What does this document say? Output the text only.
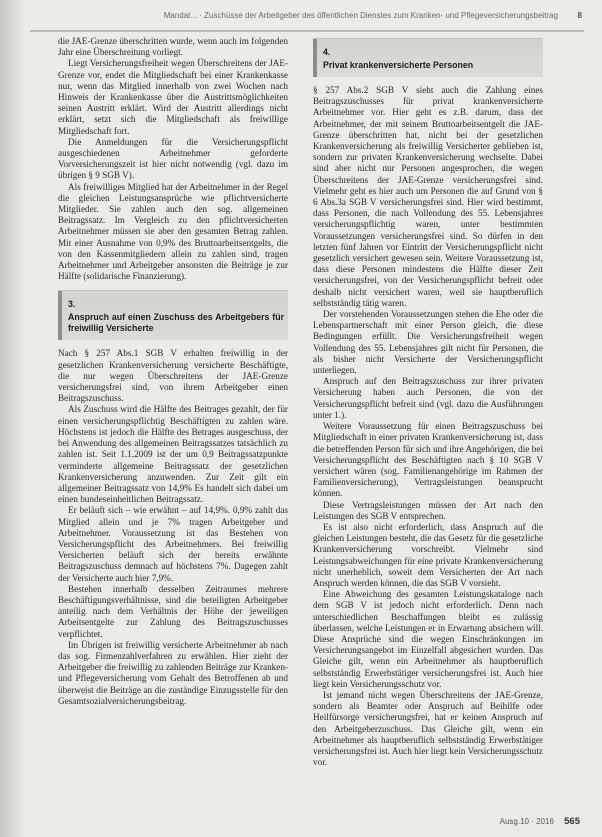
Mandat... · Zuschüsse der Arbeitgeber des öffentlichen Dienstes zum Kranken- und Pflegeversicherungsbeitrag 8

die JAE-Grenze überschritten wurde, wenn auch im folgenden Jahr eine Überschreitung vorliegt.

Liegt Versicherungsfreiheit wegen Überschreitens der JAE-Grenze vor, endet die Mitgliedschaft bei einer Krankenkasse nur, wenn das Mitglied innerhalb von zwei Wochen nach Hinweis der Krankenkasse über die Austrittsmöglichkeiten seinen Austritt erklärt. Wird der Austritt allerdings nicht erklärt, setzt sich die Mitgliedschaft als freiwillige Mitgliedschaft fort.

Die Anmeldungen für die Versicherungspflicht ausgeschiedenen Arbeitnehmer geforderte Vorversicherungszeit ist hier nicht notwendig (vgl. dazu im übrigen § 9 SGB V).

Als freiwilliges Mitglied hat der Arbeitnehmer in der Regel die gleichen Leistungsansprüche wie pflichtversicherte Mitglieder. Sie zahlen auch den sog. allgemeinen Beitragssatz. Im Vergleich zu den pflichtversicherten Arbeitnehmer müssen sie aber den gesamten Betrag zahlen. Mit einer Ausnahme von 0,9% des Bruttoarbeitsentgelts, die von den Kassenmitgliedern allein zu zahlen sind, tragen Arbeitnehmer und Arbeitgeber ansonsten die Beiträge je zur Hälfte (solidarische Finanzierung).

3.
Anspruch auf einen Zuschuss des Arbeitgebers für freiwillig Versicherte

Nach § 257 Abs.1 SGB V erhalten freiwillig in der gesetzlichen Krankenversicherung versicherte Beschäftigte, die nur wegen Überschreitens der JAE-Grenze versicherungsfrei sind, von ihrem Arbeitgeber einen Beitragszuschuss.

Als Zuschuss wird die Hälfte des Beitrages gezahlt, der für einen versicherungspflichtig Beschäftigten zu zahlen wäre. Höchstens ist jedoch die Hälfte des Betrages ausgeschuss, der bei Anwendung des allgemeinen Beitragssatzes tatsächlich zu zahlen ist. Seit 1.1.2009 ist der um 0,9 Beitragssatzpunkte verminderte allgemeine Beitragssatz der gesetzlichen Krankenversicherung anzuwenden. Zur Zeit gilt ein allgemeiner Beitragssatz von 14,9% Es handelt sich dabei um einen bundeseinheitlichen Beitragssatz.

Er beläuft sich – wie erwähnt – auf 14,9%. 0,9% zahlt das Mitglied allein und je 7% tragen Arbeitgeber und Arbeitnehmer. Voraussetzung ist das Bestehen von Versicherungspflicht des Arbeitnehmers. Bei freiwillig Versicherten beläuft sich der bereits erwähnte Beitragszuschuss demnach auf höchstens 7%. Dagegen zahlt der Versicherte auch hier 7,9%.

Bestehen innerhalb desselben Zeitraumes mehrere Beschäftigungsverhältnisse, sind die beteiligten Arbeitgeber anteilig nach dem Verhältnis der Höhe der jeweiligen Arbeitsentgelte zur Zahlung des Beitragszuschusses verpflichtet.

Im Übrigen ist freiwillig versicherte Arbeitnehmer ab nach das sog. Firmenzahlverfahren zu erwählen. Hier zieht der Arbeitgeber die freiwillig zu zahlenden Beiträge zur Kranken- und Pflegeversicherung vom Gehalt des Betroffenen ab und überweist die Beiträge an die zuständige Einzugsstelle für den Gesamtsozialversicherungsbeitrag.

4.
Privat krankenversicherte Personen

§ 257 Abs.2 SGB V sieht auch die Zahlung eines Beitragszuschusses für privat krankenversicherte Arbeitnehmer vor. Hier geht es z.B. darum, dass der Arbeitnehmer, der mit seinem Bruttoarbeitsentgelt die JAE-Grenze überschritten hat, nicht bei der gesetzlichen Krankenversicherung als freiwillig Versicherter geblieben ist, sondern zur privaten Krankenversicherung wechselte. Dabei sind aber nicht nur Personen angesprochen, die wegen Überschreitens der JAE-Grenze versicherungsfrei sind. Vielmehr geht es hier auch um Personen die auf Grund von § 6 Abs.3a SGB V versicherungsfrei sind. Hier wird bestimmt, dass Personen, die nach Vollendung des 55. Lebensjahres versicherungspflichtig waren, unter bestimmten Voraussetzungen versicherungsfrei sind. So dürfen in den letzten fünf Jahren vor Eintritt der Versicherungspflicht nicht gesetzlich versichert gewesen sein. Weitere Voraussetzung ist, dass diese Personen mindestens die Hälfte dieser Zeit versicherungsfrei, von der Versicherungspflicht befreit oder deshalb nicht versichert waren, weil sie hauptberuflich selbstständig tätig waren.

Der vorstehenden Voraussetzungen stehen die Ehe oder die Lebenspartnerschaft mit einer Person gleich, die diese Bedingungen erfüllt. Die Versicherungsfreiheit wegen Vollendung des 55. Lebensjahres gilt nicht für Personen, die als bisher nicht Versicherte der Versicherungspflicht unterliegen.

Anspruch auf den Beitragszuschuss zur ihrer privaten Versicherung haben auch Personen, die von der Versicherungspflicht befreit sind (vgl. dazu die Ausführungen unter 1.).

Weitere Voraussetzung für einen Beitragszuschuss bei Mitgliedschaft in einer privaten Krankenversicherung ist, dass die betreffenden Person für sich und ihre Angehörigen, die bei Versicherungspflicht des Beschäftigten nach § 10 SGB V versichert wären (sog. Familienangehörige im Rahmen der Familienversicherung), Vertragsleistungen beansprucht können.

Diese Vertragsleistungen müssen der Art nach den Leistungen des SGB V entsprechen.

Es ist also nicht erforderlich, dass Anspruch auf die gleichen Leistungen besteht, die das Gesetz für die gesetzliche Krankenversicherung vorschreibt. Vielmehr sind Leistungsabweichungen für eine private Krankenversicherung nicht unerheblich, soweit dem Versicherten der Art nach Anspruch werden können, die das SGB V vorsieht.

Eine Abweichung des gesamten Leistungskataloge nach dem SGB V ist jedoch nicht erforderlich. Denn nach unterschiedlichen Beschaffungen bleibt es zulässig überlassen, welche Leistungen er in Erwartung absichern will. Diese Ansprüche sind die wegen Einschränkungen im Versicherungsangebot im Einzelfall abgesichert wurden. Das Gleiche gilt, wenn ein Arbeitnehmer als hauptberuflich selbstständig Erwerbstätiger versicherungsfrei ist. Auch hier liegt kein Versicherungsschutz vor.

Ist jemand nicht wegen Überschreitens der JAE-Grenze, sondern als Beamter oder Anspruch auf Beihilfe oder Heilfürsorge versicherungsfrei, hat er keinen Anspruch auf den Arbeitgeberzuschuss. Das Gleiche gilt, wenn ein Arbeitnehmer als hauptberuflich selbstständig Erwerbstätiger versicherungsfrei ist. Auch hier liegt kein Versicherungsschutz vor.

Ausg.10 · 2016 565
